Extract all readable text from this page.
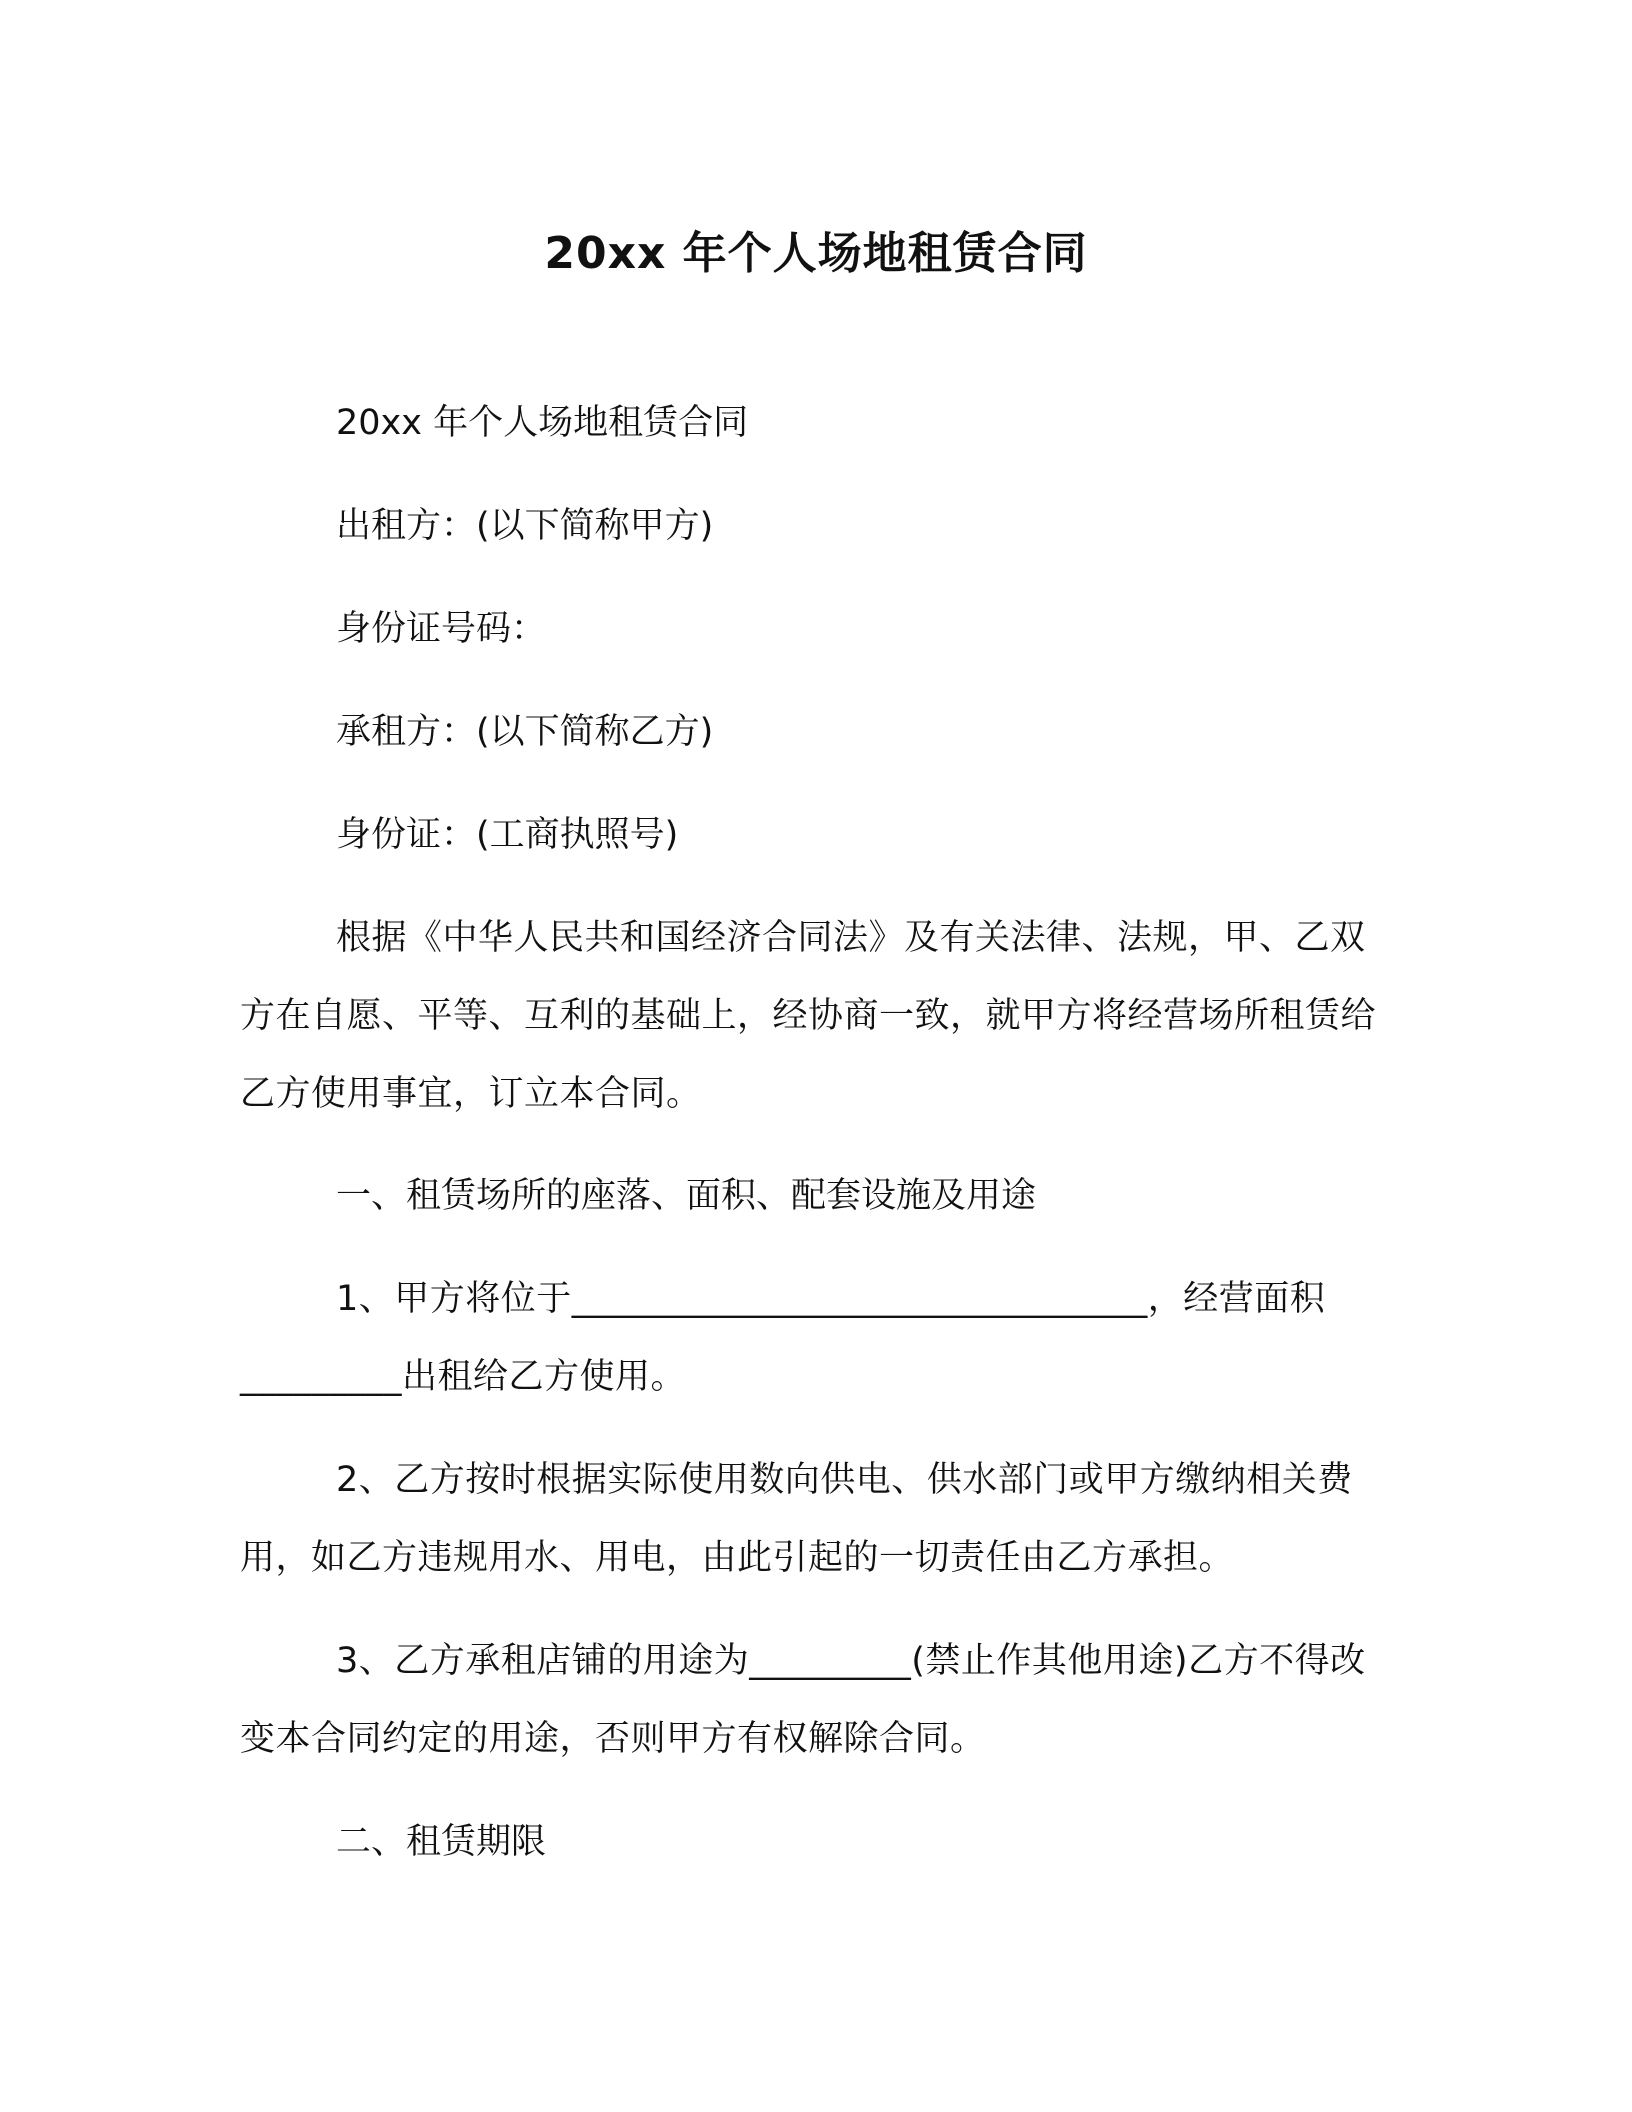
20xx 年个人场地租赁合同

20xx 年个人场地租赁合同

出租方：(以下简称甲方)

身份证号码：

承租方：(以下简称乙方)

身份证：(工商执照号)

根据《中华人民共和国经济合同法》及有关法律、法规，甲、乙双方在自愿、平等、互利的基础上，经协商一致，就甲方将经营场所租赁给乙方使用事宜，订立本合同。

一、租赁场所的座落、面积、配套设施及用途

1、甲方将位于________________________________，经营面积_________出租给乙方使用。

2、乙方按时根据实际使用数向供电、供水部门或甲方缴纳相关费用，如乙方违规用水、用电，由此引起的一切责任由乙方承担。

3、乙方承租店铺的用途为_________(禁止作其他用途)乙方不得改变本合同约定的用途，否则甲方有权解除合同。

二、租赁期限
